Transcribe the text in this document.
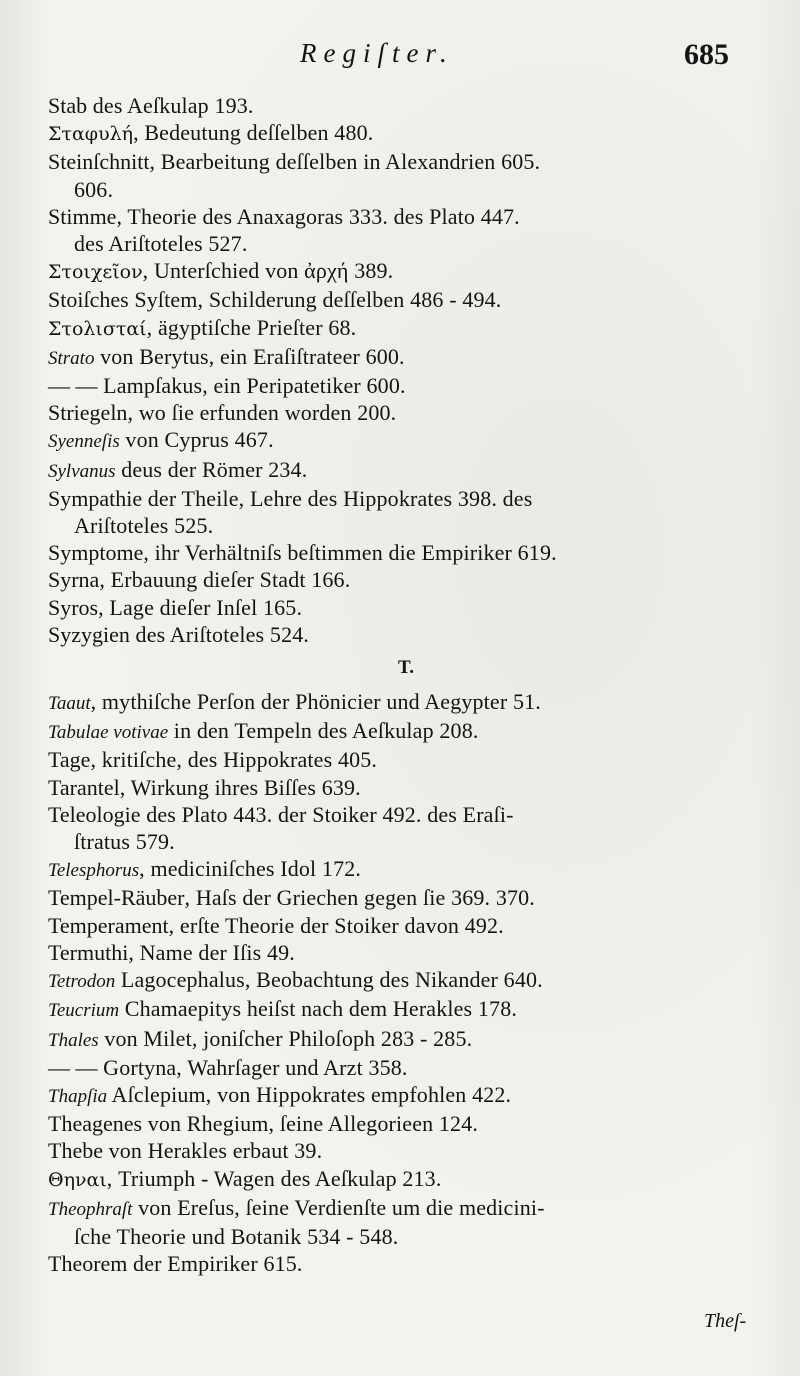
Regiſter.	685
Stab des Aeſkulap 193.
Σταφυλή, Bedeutung deſſelben 480.
Steinſchnitt, Bearbeitung deſſelben in Alexandrien 605.
606.
Stimme, Theorie des Anaxagoras 333. des Plato 447.
des Ariſtoteles 527.
Στοιχεῖον, Unterſchied von ἀρχή 389.
Stoiſches Syſtem, Schilderung deſſelben 486 - 494.
Στολισταί, ägyptiſche Prieſter 68.
Strato von Berytus, ein Eraſiſtrateer 600.
— — Lampſakus, ein Peripatetiker 600.
Striegeln, wo ſie erfunden worden 200.
Syenneſis von Cyprus 467.
Sylvanus deus der Römer 234.
Sympathie der Theile, Lehre des Hippokrates 398. des
Ariſtoteles 525.
Symptome, ihr Verhältniſs beſtimmen die Empiriker 619.
Syrna, Erbauung dieſer Stadt 166.
Syros, Lage dieſer Inſel 165.
Syzygien des Ariſtoteles 524.
T.
Taaut, mythiſche Perſon der Phönicier und Aegypter 51.
Tabulae votivae in den Tempeln des Aeſkulap 208.
Tage, kritiſche, des Hippokrates 405.
Tarantel, Wirkung ihres Biſſes 639.
Teleologie des Plato 443. der Stoiker 492. des Eraſi-
ſtratus 579.
Telesphorus, mediciniſches Idol 172.
Tempel-Räuber, Haſs der Griechen gegen ſie 369. 370.
Temperament, erſte Theorie der Stoiker davon 492.
Termuthi, Name der Iſis 49.
Tetrodon Lagocephalus, Beobachtung des Nikander 640.
Teucrium Chamaepitys heiſst nach dem Herakles 178.
Thales von Milet, joniſcher Philoſoph 283 - 285.
— — Gortyna, Wahrſager und Arzt 358.
Thapſia Aſclepium, von Hippokrates empfohlen 422.
Theagenes von Rhegium, ſeine Allegorieen 124.
Thebe von Herakles erbaut 39.
Θηναι, Triumph - Wagen des Aeſkulap 213.
Theophraſt von Ereſus, ſeine Verdienſte um die medicini-
ſche Theorie und Botanik 534 - 548.
Theorem der Empiriker 615.
Theſ-
